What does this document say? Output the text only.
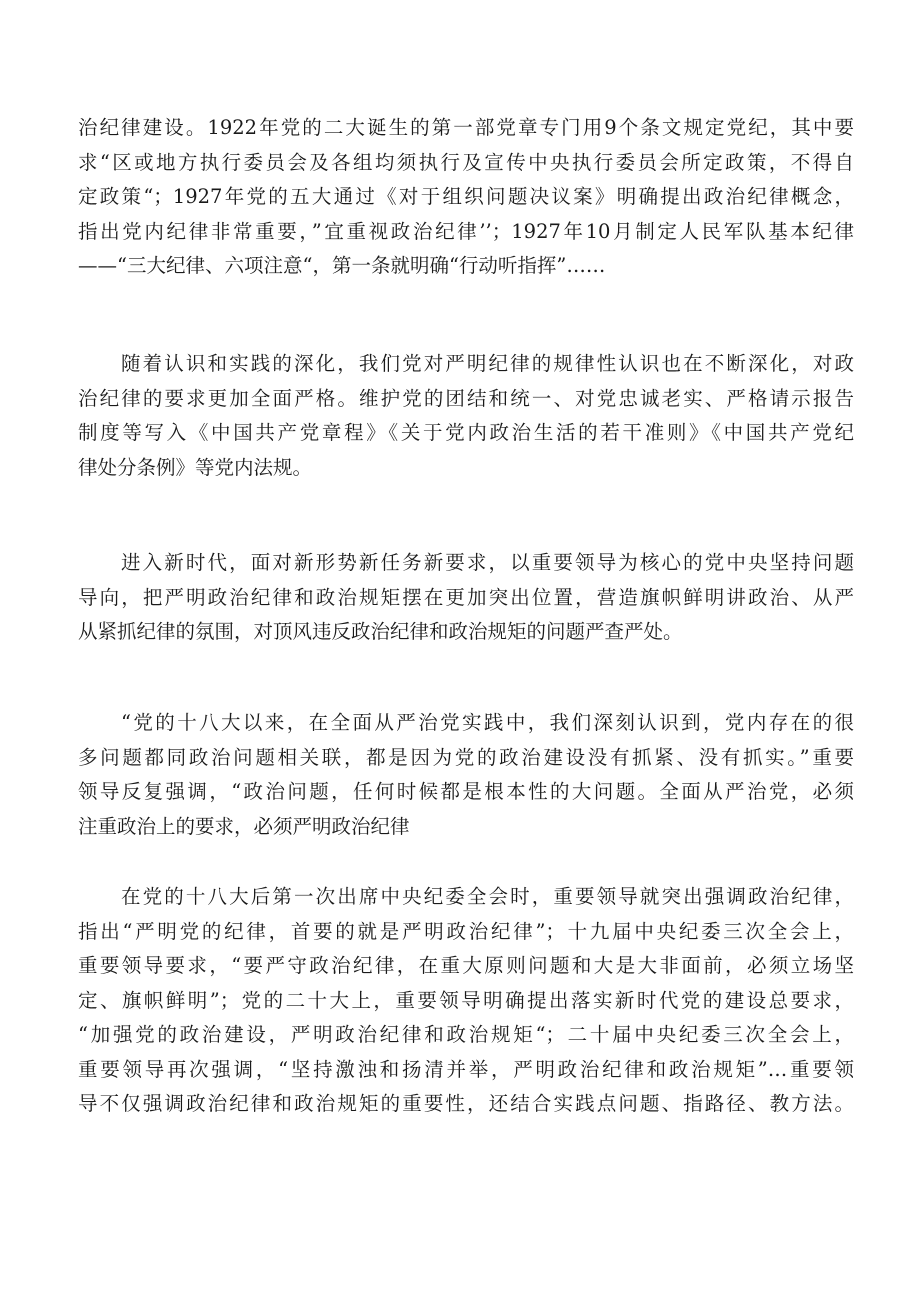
治纪律建设。1922年党的二大诞生的第一部党章专门用9个条文规定党纪，其中要
求“区或地方执行委员会及各组均须执行及宣传中央执行委员会所定政策，不得自
定政策“；1927年党的五大通过《对于组织问题决议案》明确提出政治纪律概念，
指出党内纪律非常重要，”宜重视政治纪律’’；1927年10月制定人民军队基本纪律
——“三大纪律、六项注意“，第一条就明确“行动听指挥”……
随着认识和实践的深化，我们党对严明纪律的规律性认识也在不断深化，对政
治纪律的要求更加全面严格。维护党的团结和统一、对党忠诚老实、严格请示报告
制度等写入《中国共产党章程》《关于党内政治生活的若干准则》《中国共产党纪
律处分条例》等党内法规。
进入新时代，面对新形势新任务新要求，以重要领导为核心的党中央坚持问题
导向，把严明政治纪律和政治规矩摆在更加突出位置，营造旗帜鲜明讲政治、从严
从紧抓纪律的氛围，对顶风违反政治纪律和政治规矩的问题严查严处。
“党的十八大以来，在全面从严治党实践中，我们深刻认识到，党内存在的很
多问题都同政治问题相关联，都是因为党的政治建设没有抓紧、没有抓实。”重要
领导反复强调，“政治问题，任何时候都是根本性的大问题。全面从严治党，必须
注重政治上的要求，必须严明政治纪律
在党的十八大后第一次出席中央纪委全会时，重要领导就突出强调政治纪律，
指出“严明党的纪律，首要的就是严明政治纪律”；十九届中央纪委三次全会上，
重要领导要求，“要严守政治纪律，在重大原则问题和大是大非面前，必须立场坚
定、旗帜鲜明”；党的二十大上，重要领导明确提出落实新时代党的建设总要求，
“加强党的政治建设，严明政治纪律和政治规矩“；二十届中央纪委三次全会上，
重要领导再次强调，“坚持激浊和扬清并举，严明政治纪律和政治规矩”…重要领
导不仅强调政治纪律和政治规矩的重要性，还结合实践点问题、指路径、教方法。
